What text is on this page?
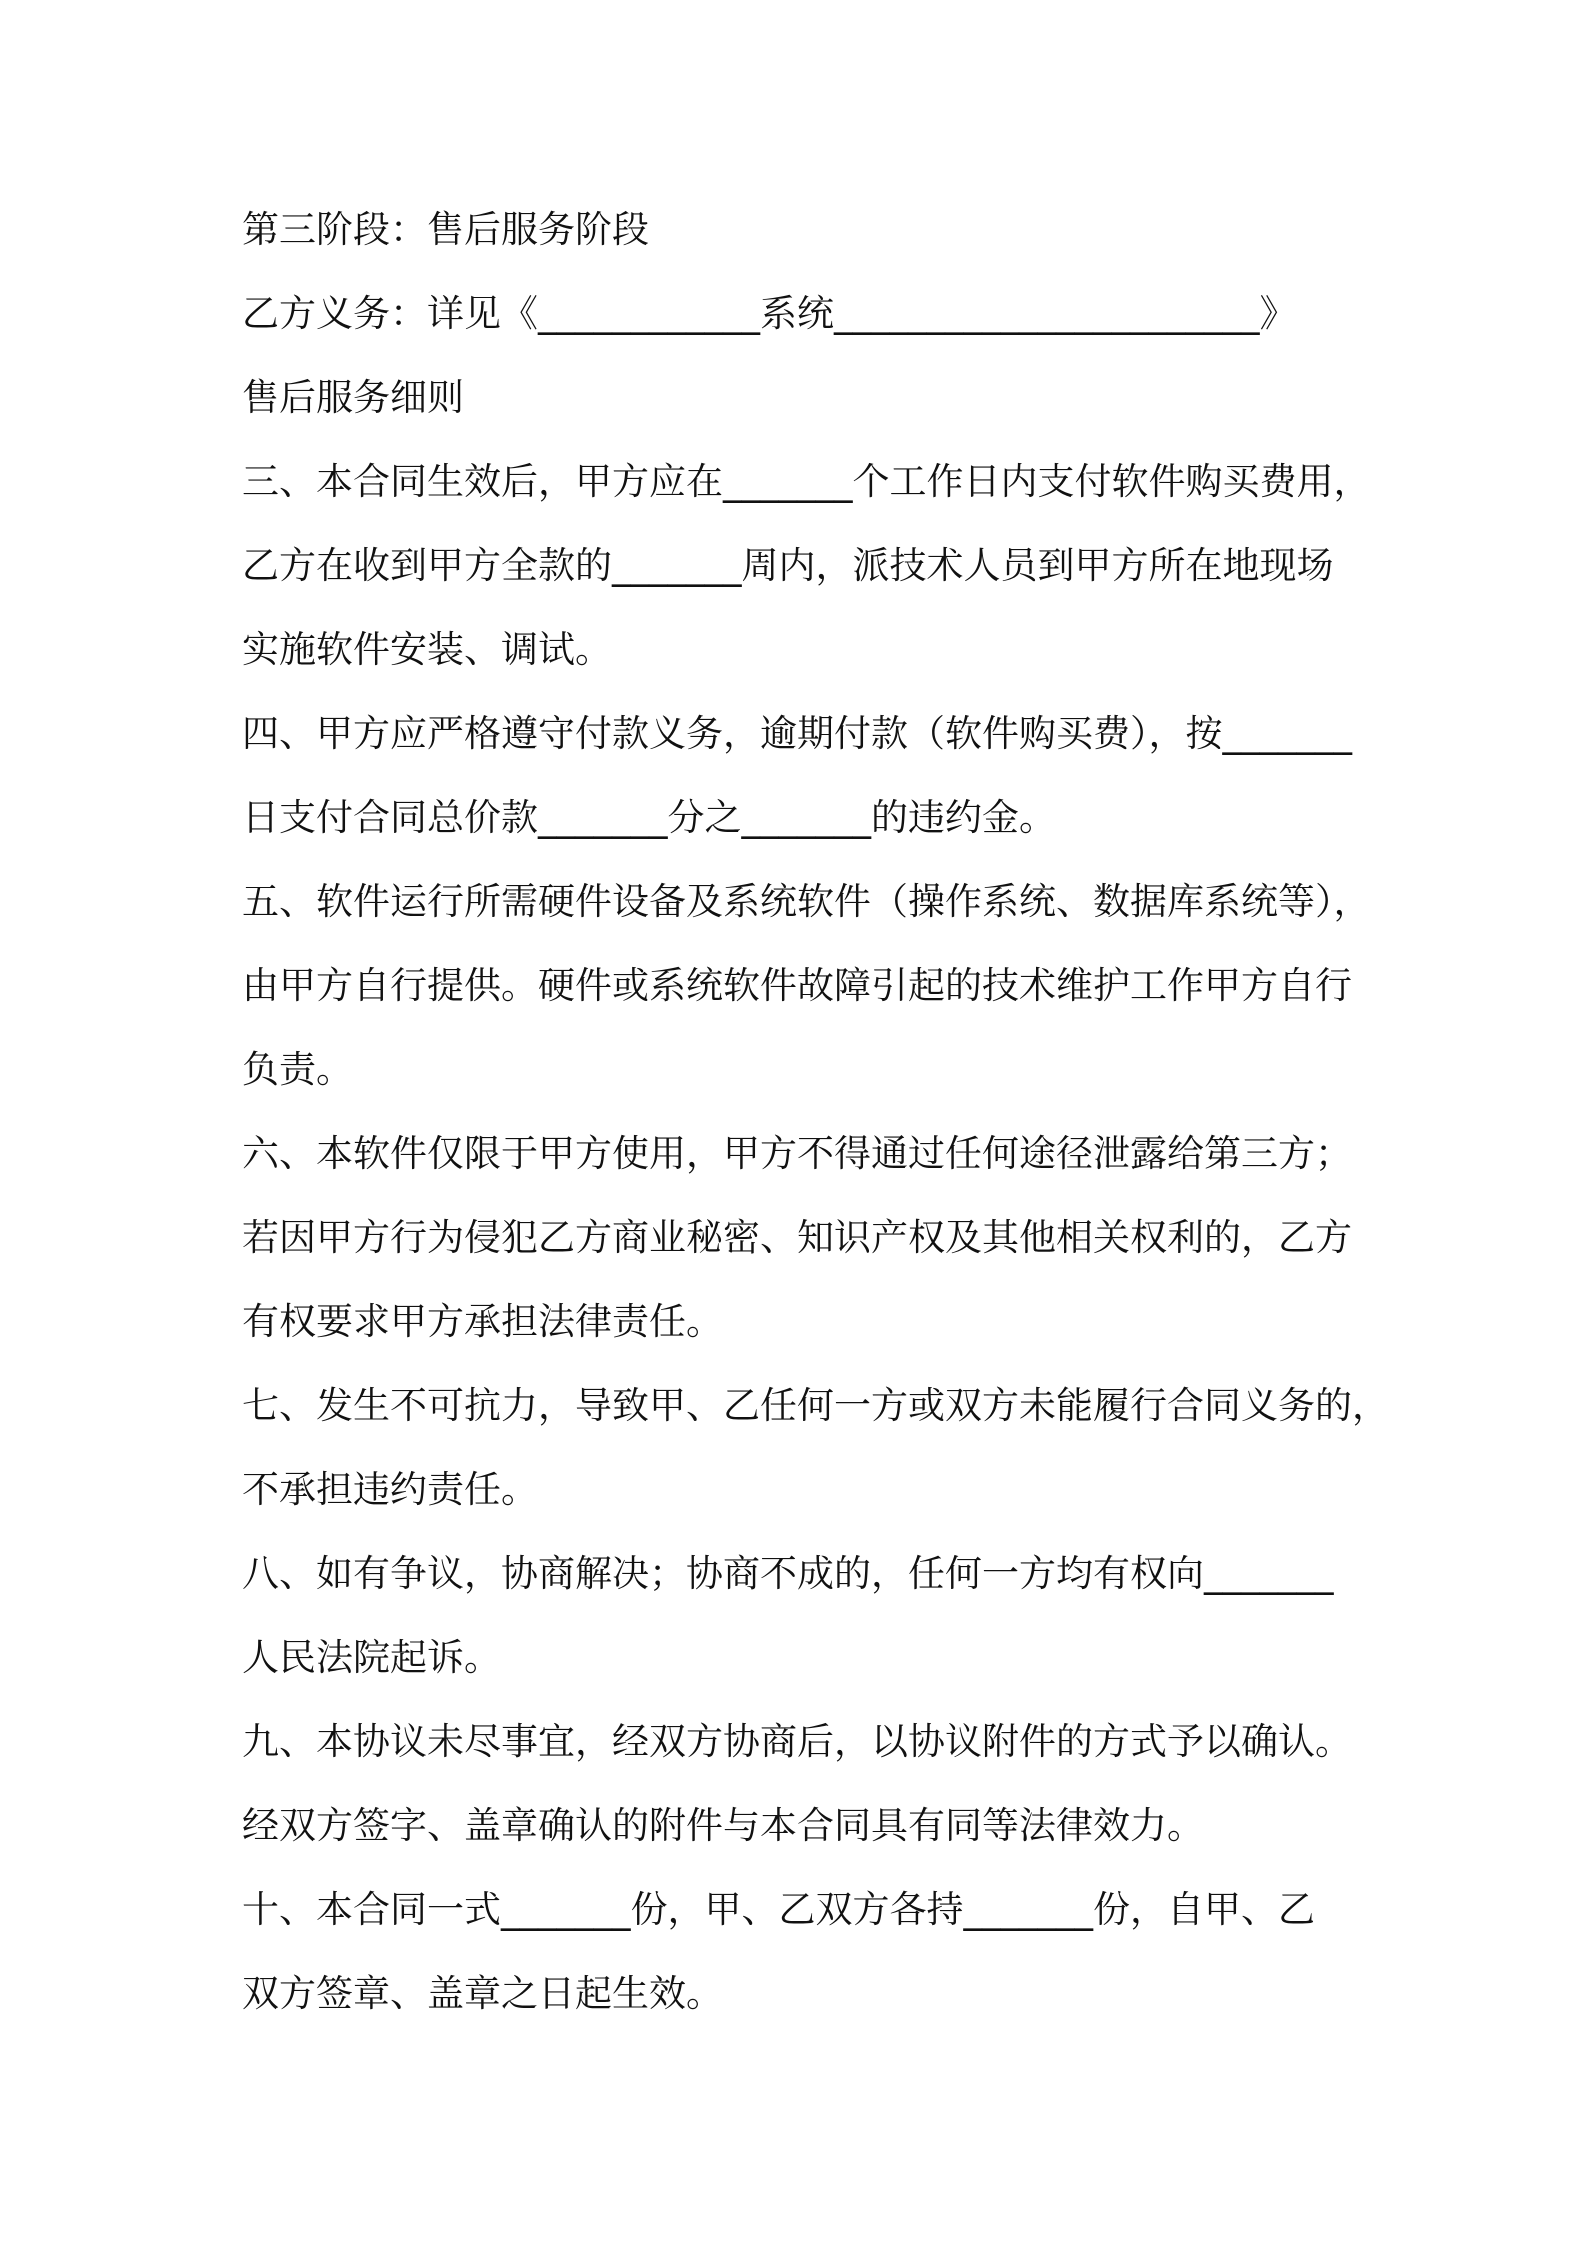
第三阶段：售后服务阶段
乙方义务：详见《____________系统_______________________》
售后服务细则
三、本合同生效后，甲方应在_______个工作日内支付软件购买费用，
乙方在收到甲方全款的_______周内，派技术人员到甲方所在地现场
实施软件安装、调试。
四、甲方应严格遵守付款义务，逾期付款（软件购买费），按_______
日支付合同总价款_______分之_______的违约金。
五、软件运行所需硬件设备及系统软件（操作系统、数据库系统等），
由甲方自行提供。硬件或系统软件故障引起的技术维护工作甲方自行
负责。
六、本软件仅限于甲方使用，甲方不得通过任何途径泄露给第三方；
若因甲方行为侵犯乙方商业秘密、知识产权及其他相关权利的，乙方
有权要求甲方承担法律责任。
七、发生不可抗力，导致甲、乙任何一方或双方未能履行合同义务的，
不承担违约责任。
八、如有争议，协商解决；协商不成的，任何一方均有权向_______
人民法院起诉。
九、本协议未尽事宜，经双方协商后，以协议附件的方式予以确认。
经双方签字、盖章确认的附件与本合同具有同等法律效力。
十、本合同一式_______份，甲、乙双方各持_______份，自甲、乙
双方签章、盖章之日起生效。
